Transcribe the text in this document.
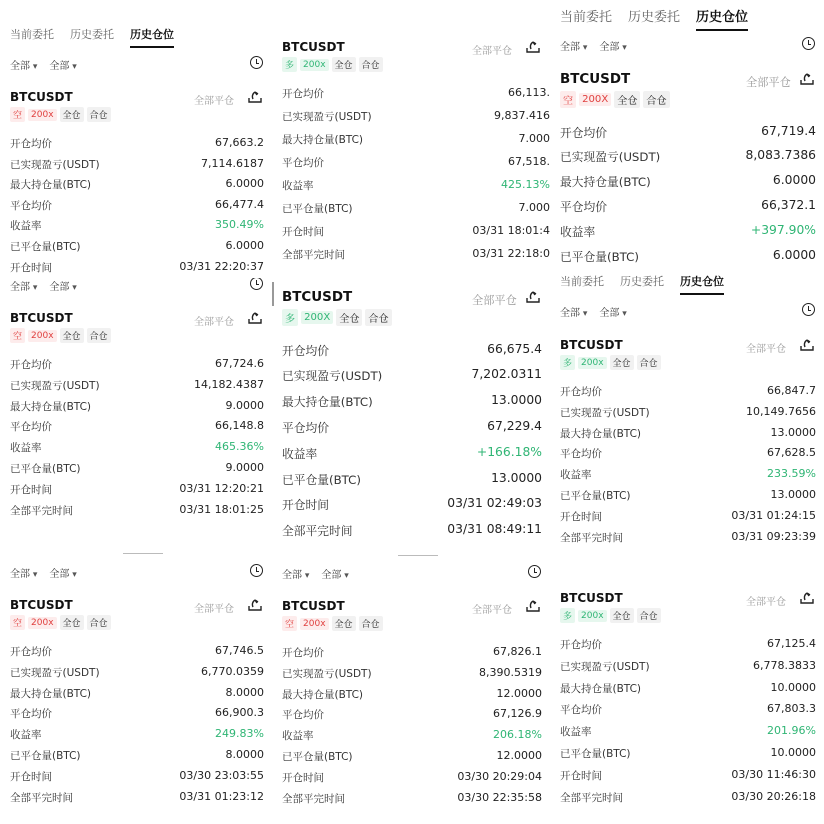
当前委托 历史委托 历史仓位
全部 ▾	全部 ▾
BTCUSDT
空	200x	全仓	合仓
全部平仓
开仓均价	67,663.2
已实现盈亏(USDT)	7,114.6187
最大持仓量(BTC)	6.0000
平仓均价	66,477.4
收益率	350.49%
已平仓量(BTC)	6.0000
开仓时间	03/31 22:20:37
全部 ▾	全部 ▾
BTCUSDT
空	200x	全仓	合仓
全部平仓
开仓均价	67,724.6
已实现盈亏(USDT)	14,182.4387
最大持仓量(BTC)	9.0000
平仓均价	66,148.8
收益率	465.36%
已平仓量(BTC)	9.0000
开仓时间	03/31 12:20:21
全部平完时间	03/31 18:01:25
全部 ▾	全部 ▾
BTCUSDT
空	200x	全仓	合仓
全部平仓
开仓均价	67,746.5
已实现盈亏(USDT)	6,770.0359
最大持仓量(BTC)	8.0000
平仓均价	66,900.3
收益率	249.83%
已平仓量(BTC)	8.0000
开仓时间	03/30 23:03:55
全部平完时间	03/31 01:23:12
BTCUSDT
多	200x	全仓	合仓
全部平仓
开仓均价	66,113.
已实现盈亏(USDT)	9,837.416
最大持仓量(BTC)	7.000
平仓均价	67,518.
收益率	425.13%
已平仓量(BTC)	7.000
开仓时间	03/31 18:01:4
全部平完时间	03/31 22:18:0
BTCUSDT
多 200X 全仓 合仓
全部平仓
开仓均价	66,675.4
已实现盈亏(USDT)	7,202.0311
最大持仓量(BTC)	13.0000
平仓均价	67,229.4
收益率	+166.18%
已平仓量(BTC)	13.0000
开仓时间	03/31 02:49:03
全部平完时间	03/31 08:49:11
全部 ▾	全部 ▾
BTCUSDT
空	200x	全仓	合仓
全部平仓
开仓均价	67,826.1
已实现盈亏(USDT)	8,390.5319
最大持仓量(BTC)	12.0000
平仓均价	67,126.9
收益率	206.18%
已平仓量(BTC)	12.0000
开仓时间	03/30 20:29:04
全部平完时间	03/30 22:35:58
当前委托 历史委托 历史仓位
全部 ▾	全部 ▾
BTCUSDT
空 200X 全仓 合仓
全部平仓
开仓均价	67,719.4
已实现盈亏(USDT)	8,083.7386
最大持仓量(BTC)	6.0000
平仓均价	66,372.1
收益率	+397.90%
已平仓量(BTC)	6.0000
当前委托 历史委托 历史仓位
全部 ▾	全部 ▾
BTCUSDT
多	200x	全仓	合仓
全部平仓
开仓均价	66,847.7
已实现盈亏(USDT)	10,149.7656
最大持仓量(BTC)	13.0000
平仓均价	67,628.5
收益率	233.59%
已平仓量(BTC)	13.0000
开仓时间	03/31 01:24:15
全部平完时间	03/31 09:23:39
BTCUSDT
多	200x	全仓	合仓
全部平仓
开仓均价	67,125.4
已实现盈亏(USDT)	6,778.3833
最大持仓量(BTC)	10.0000
平仓均价	67,803.3
收益率	201.96%
已平仓量(BTC)	10.0000
开仓时间	03/30 11:46:30
全部平完时间	03/30 20:26:18
